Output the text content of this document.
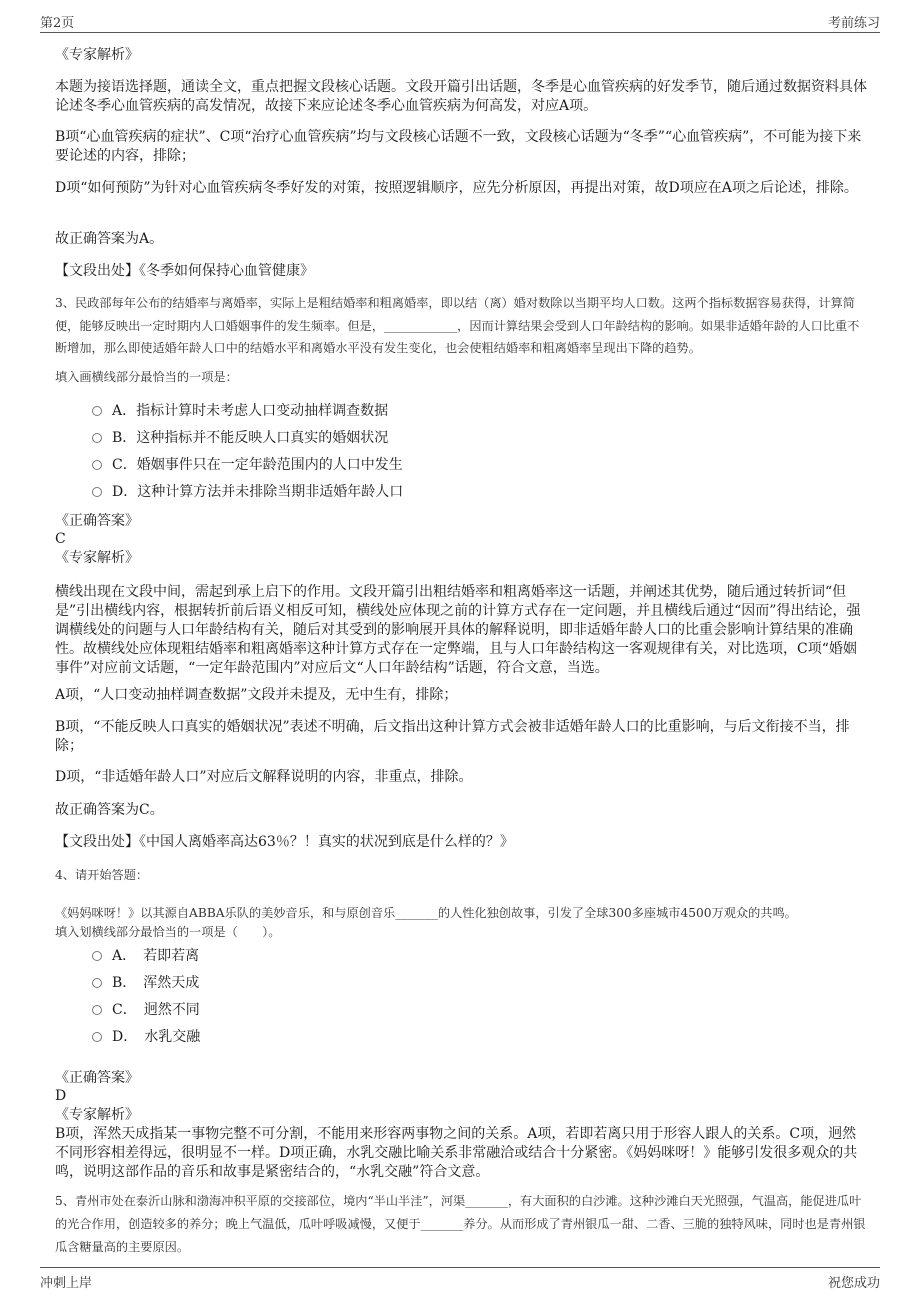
第2页	考前练习
《专家解析》

本题为接语选择题，通读全文，重点把握文段核心话题。文段开篇引出话题，冬季是心血管疾病的好发季节，随后通过数据资料具体论述冬季心血管疾病的高发情况，故接下来应论述冬季心血管疾病为何高发，对应A项。

B项“心血管疾病的症状”、C项“治疗心血管疾病”均与文段核心话题不一致，文段核心话题为“冬季”“心血管疾病”，不可能为接下来要论述的内容，排除；

D项“如何预防”为针对心血管疾病冬季好发的对策，按照逻辑顺序，应先分析原因，再提出对策，故D项应在A项之后论述，排除。

故正确答案为A。
【文段出处】《冬季如何保持心血管健康》

3、民政部每年公布的结婚率与离婚率，实际上是粗结婚率和粗离婚率，即以结（离）婚对数除以当期平均人口数。这两个指标数据容易获得，计算简便，能够反映出一定时期内人口婚姻事件的发生频率。但是，____________，因而计算结果会受到人口年龄结构的影响。如果非适婚年龄的人口比重不断增加，那么即使适婚年龄人口中的结婚水平和离婚水平没有发生变化，也会使粗结婚率和粗离婚率呈现出下降的趋势。

填入画横线部分最恰当的一项是：
A．指标计算时未考虑人口变动抽样调查数据
B．这种指标并不能反映人口真实的婚姻状况
C．婚姻事件只在一定年龄范围内的人口中发生
D．这种计算方法并未排除当期非适婚年龄人口
《正确答案》
C
《专家解析》

横线出现在文段中间，需起到承上启下的作用。文段开篇引出粗结婚率和粗离婚率这一话题，并阐述其优势，随后通过转折词“但是”引出横线内容，根据转折前后语义相反可知，横线处应体现之前的计算方式存在一定问题，并且横线后通过“因而”得出结论，强调横线处的问题与人口年龄结构有关，随后对其受到的影响展开具体的解释说明，即非适婚年龄人口的比重会影响计算结果的准确性。故横线处应体现粗结婚率和粗离婚率这种计算方式存在一定弊端，且与人口年龄结构这一客观规律有关，对比选项，C项“婚姻事件”对应前文话题，“一定年龄范围内”对应后文“人口年龄结构”话题，符合文意，当选。

A项，“人口变动抽样调查数据”文段并未提及，无中生有，排除；

B项，“不能反映人口真实的婚姻状况”表述不明确，后文指出这种计算方式会被非适婚年龄人口的比重影响，与后文衔接不当，排除；

D项，“非适婚年龄人口”对应后文解释说明的内容，非重点，排除。

故正确答案为C。
【文段出处】《中国人离婚率高达63％？！真实的状况到底是什么样的？》
4、请开始答题：

《妈妈咪呀！》以其源自ABBA乐队的美妙音乐，和与原创音乐_______的人性化独创故事，引发了全球300多座城市4500万观众的共鸣。

填入划横线部分最恰当的一项是（　　）。
A．　若即若离
B．　浑然天成
C．　迥然不同
D．　水乳交融
《正确答案》
D
《专家解析》

B项，浑然天成指某一事物完整不可分割，不能用来形容两事物之间的关系。A项，若即若离只用于形容人跟人的关系。C项，迥然不同形容相差得远，很明显不一样。D项正确，水乳交融比喻关系非常融洽或结合十分紧密。《妈妈咪呀！》能够引发很多观众的共鸣，说明这部作品的音乐和故事是紧密结合的，“水乳交融”符合文意。

5、青州市处在泰沂山脉和渤海冲积平原的交接部位，境内“半山半洼”，河渠_______，有大面积的白沙滩。这种沙滩白天光照强，气温高，能促进瓜叶的光合作用，创造较多的养分；晚上气温低，瓜叶呼吸减慢，又便于_______养分。从而形成了青州银瓜一甜、二香、三脆的独特风味，同时也是青州银瓜含糖量高的主要原因。

冲刺上岸	祝您成功
